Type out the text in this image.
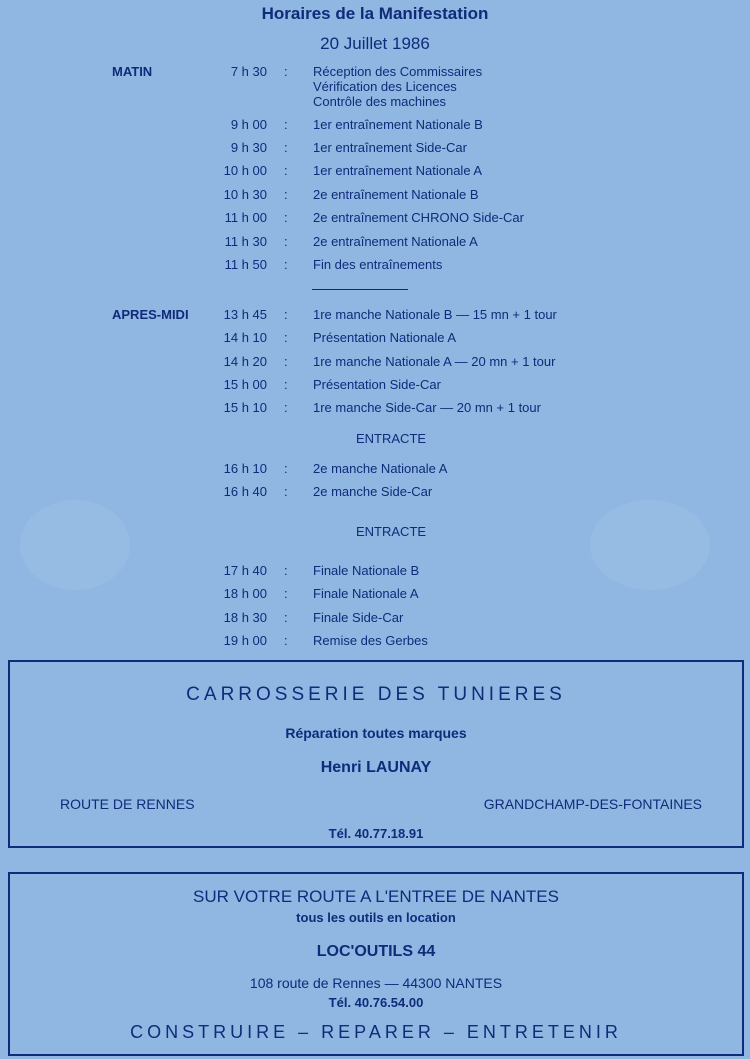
Horaires de la Manifestation
20 Juillet 1986
MATIN	7 h 30 : Réception des Commissaires
Vérification des Licences
Contrôle des machines
9 h 00 : 1er entraînement Nationale B
9 h 30 : 1er entraînement Side-Car
10 h 00 : 1er entraînement Nationale A
10 h 30 : 2e entraînement Nationale B
11 h 00 : 2e entraînement CHRONO Side-Car
11 h 30 : 2e entraînement Nationale A
11 h 50 : Fin des entraînements
APRES-MIDI	13 h 45 : 1re manche Nationale B — 15 mn + 1 tour
14 h 10 : Présentation Nationale A
14 h 20 : 1re manche Nationale A — 20 mn + 1 tour
15 h 00 : Présentation Side-Car
15 h 10 : 1re manche Side-Car — 20 mn + 1 tour
ENTRACTE
16 h 10 : 2e manche Nationale A
16 h 40 : 2e manche Side-Car
ENTRACTE
17 h 40 : Finale Nationale B
18 h 00 : Finale Nationale A
18 h 30 : Finale Side-Car
19 h 00 : Remise des Gerbes
CARROSSERIE DES TUNIERES
Réparation toutes marques
Henri LAUNAY
ROUTE DE RENNES	GRANDCHAMP-DES-FONTAINES
Tél. 40.77.18.91
SUR VOTRE ROUTE A L'ENTREE DE NANTES
tous les outils en location
LOC'OUTILS 44
108 route de Rennes — 44300 NANTES
Tél. 40.76.54.00
CONSTRUIRE – REPARER – ENTRETENIR
